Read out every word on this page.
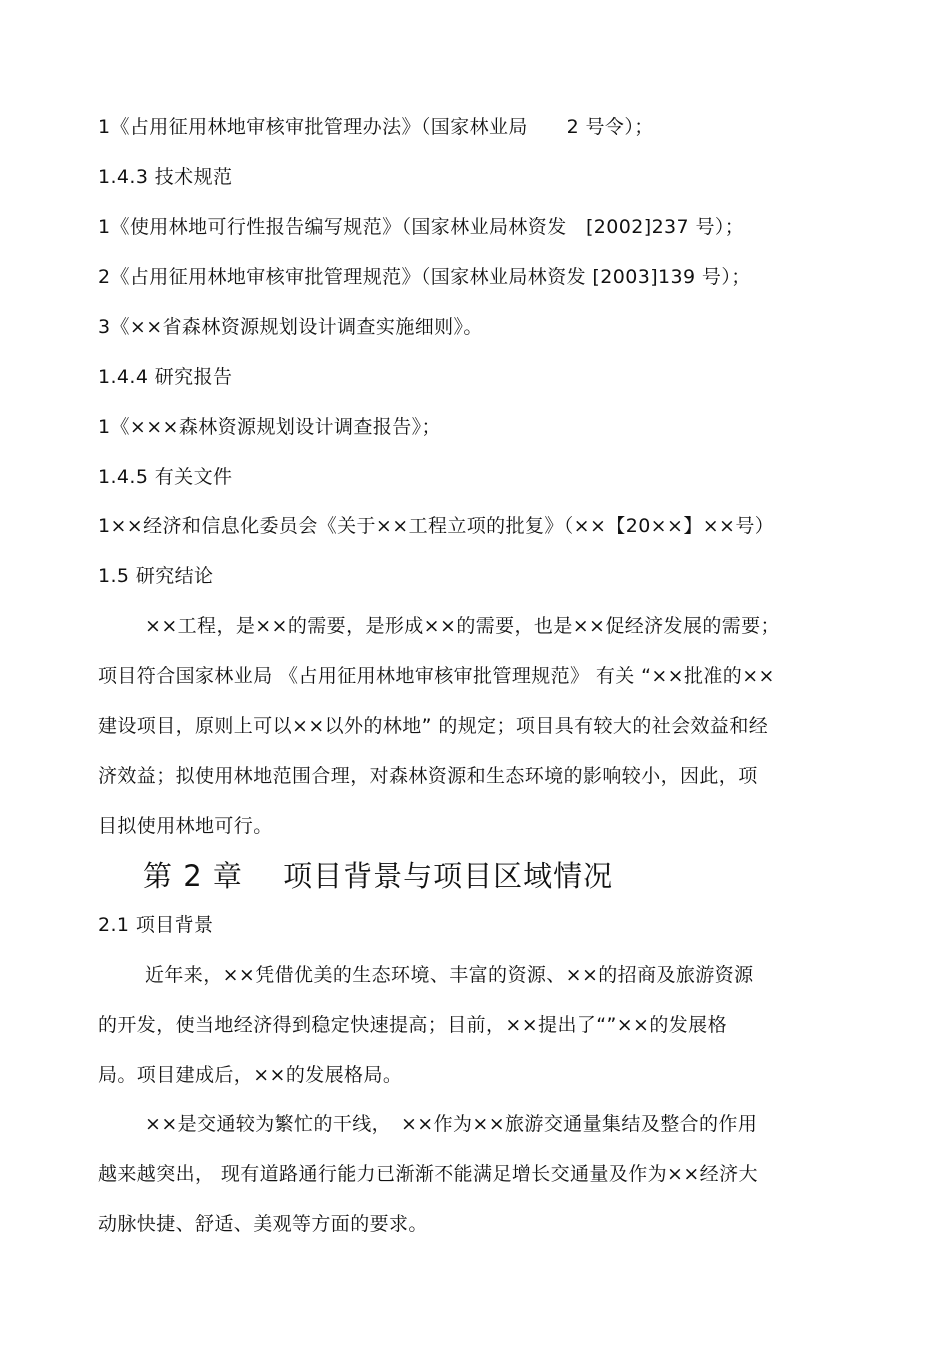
1《占用征用林地审核审批管理办法》（国家林业局　　2 号令）；
1.4.3 技术规范
1《使用林地可行性报告编写规范》（国家林业局林资发　[2002]237 号）；
2《占用征用林地审核审批管理规范》（国家林业局林资发 [2003]139 号）；
3《××省森林资源规划设计调查实施细则》。
1.4.4 研究报告
1《×××森林资源规划设计调查报告》；
1.4.5 有关文件
1××经济和信息化委员会《关于××工程立项的批复》（××【20××】××号）
1.5 研究结论
××工程，是××的需要，是形成××的需要，也是××促经济发展的需要；
项目符合国家林业局 《占用征用林地审核审批管理规范》 有关 “××批准的××
建设项目，原则上可以××以外的林地” 的规定；项目具有较大的社会效益和经
济效益；拟使用林地范围合理，对森林资源和生态环境的影响较小，因此，项
目拟使用林地可行。
第 2 章　 项目背景与项目区域情况
2.1 项目背景
近年来，××凭借优美的生态环境、丰富的资源、××的招商及旅游资源
的开发，使当地经济得到稳定快速提高；目前，××提出了“”××的发展格
局。项目建成后，××的发展格局。
××是交通较为繁忙的干线，　××作为××旅游交通量集结及整合的作用
越来越突出， 现有道路通行能力已渐渐不能满足增长交通量及作为××经济大
动脉快捷、舒适、美观等方面的要求。
